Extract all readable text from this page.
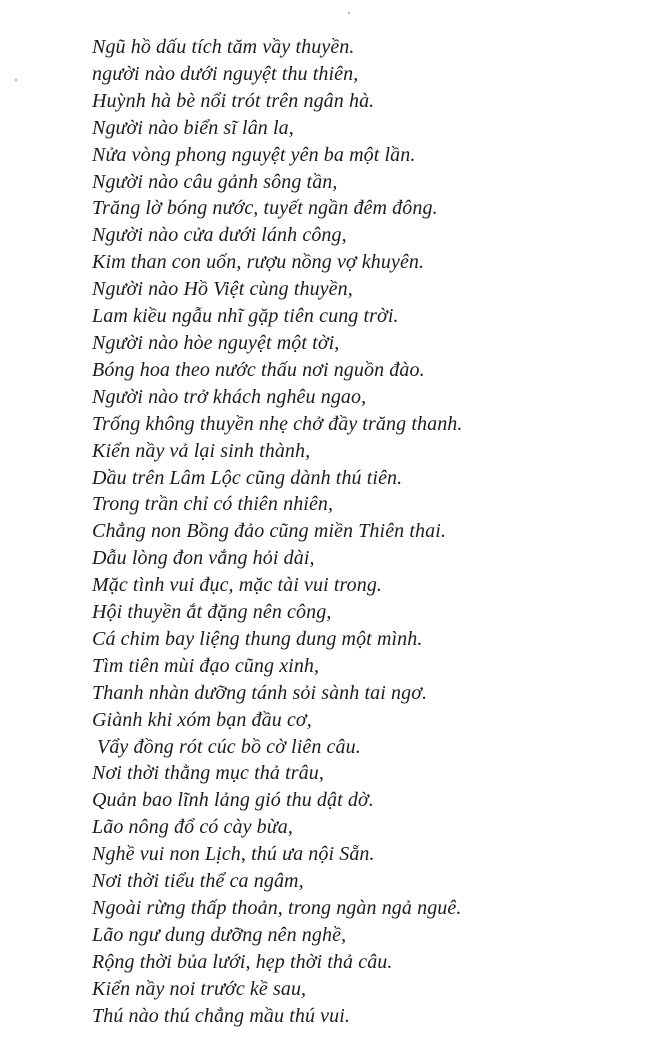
Ngũ hồ dấu tích tăm vầy thuyền.
người nào dưới nguyệt thu thiên,
Huỳnh hà bè nổi trót trên ngân hà.
Người nào biển sĩ lân la,
Nửa vòng phong nguyệt yên ba một lần.
Người nào câu gảnh sông tần,
Trăng lờ bóng nước, tuyết ngần đêm đông.
Người nào cửa dưới lánh công,
Kim than con uốn, rượu nồng vợ khuyên.
Người nào Hồ Việt cùng thuyền,
Lam kiều ngẫu nhĩ gặp tiên cung trời.
Người nào hòe nguyệt một tời,
Bóng hoa theo nước thấu nơi nguồn đào.
Người nào trở khách nghêu ngao,
Trống không thuyền nhẹ chở đầy trăng thanh.
Kiển nầy vả lại sinh thành,
Dầu trên Lâm Lộc cũng dành thú tiên.
Trong trần chỉ có thiên nhiên,
Chẳng non Bồng đảo cũng miền Thiên thai.
Dẫu lòng đon vắng hỏi dài,
Mặc tình vui đục, mặc tài vui trong.
Hội thuyền ắt đặng nên công,
Cá chim bay liệng thung dung một mình.
Tìm tiên mùi đạo cũng xinh,
Thanh nhàn dưỡng tánh sỏi sành tai ngơ.
Giành khi xóm bạn đầu cơ,
Vẩy đồng rót cúc bồ cờ liên câu.
Nơi thời thằng mục thả trâu,
Quản bao lĩnh lảng gió thu dật dờ.
Lão nông đổ có cày bừa,
Nghề vui non Lịch, thú ưa nội Sẵn.
Nơi thời tiểu thể ca ngâm,
Ngoài rừng thấp thoản, trong ngàn ngả nguê.
Lão ngư dung dưỡng nên nghề,
Rộng thời bủa lưới, hẹp thời thả câu.
Kiển nầy noi trước kề sau,
Thú nào thú chẳng mầu thú vui.
